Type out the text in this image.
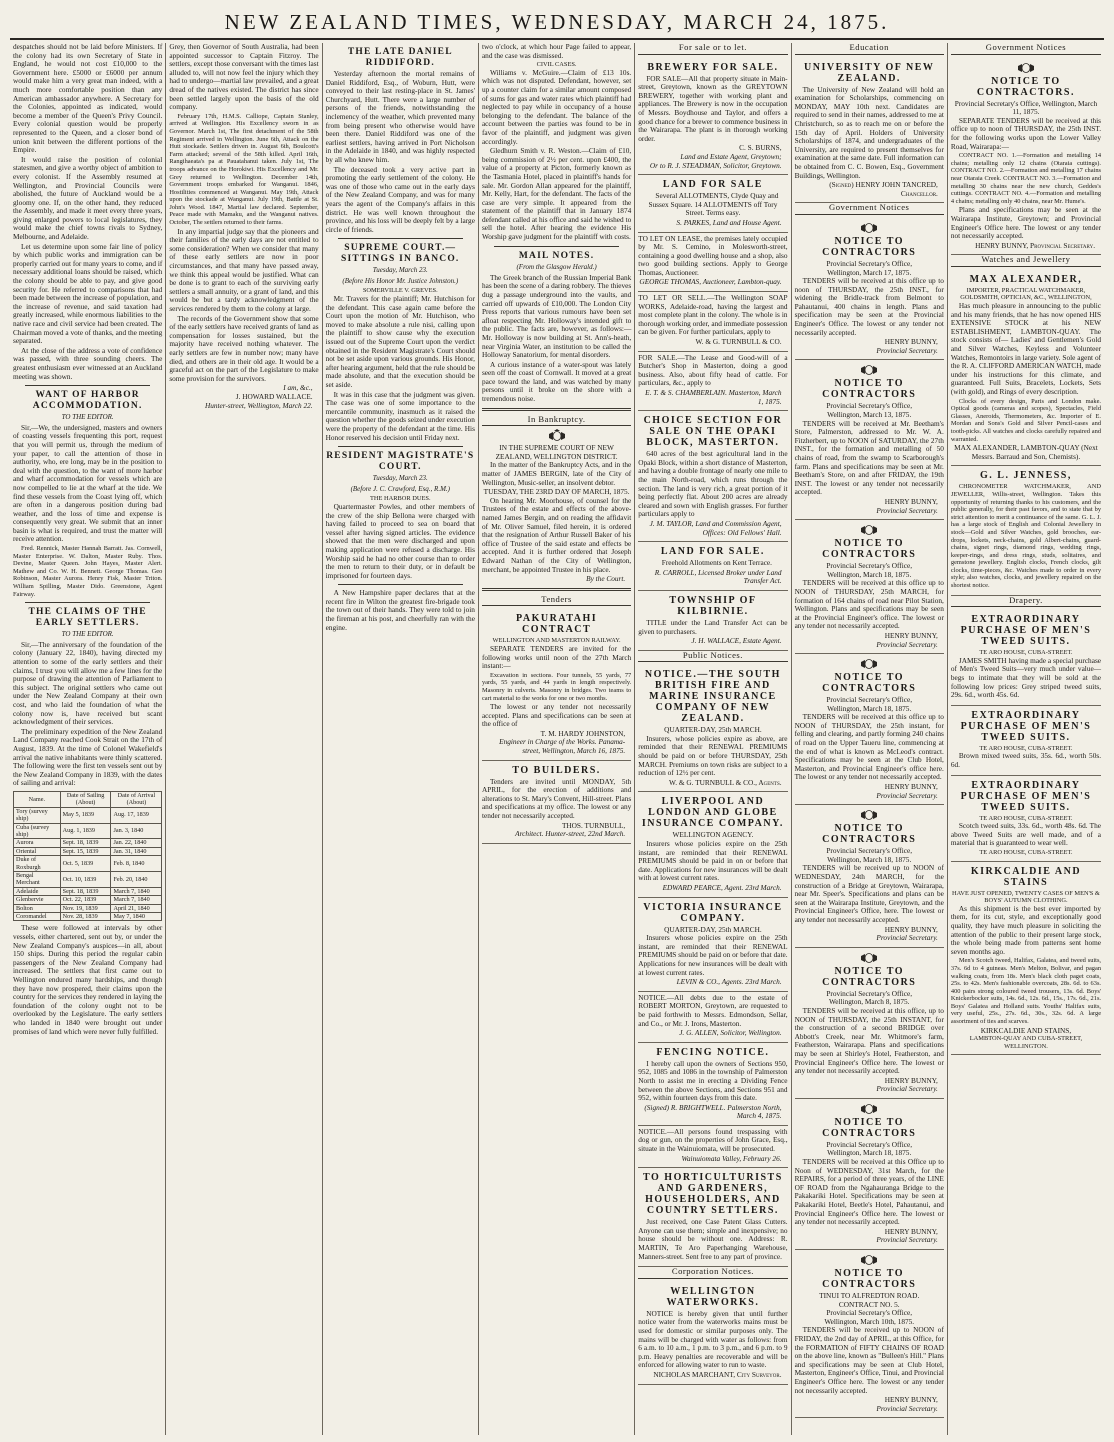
NEW ZEALAND TIMES, WEDNESDAY, MARCH 24, 1875.

despatches should not be laid before Ministers. If the colony had its own Secretary of State in England, he would not cost £10,000 to the Government here. £5000 or £6000 per annum would make him a very great man indeed, with a much more comfortable position than any American ambassador anywhere. A Secretary for the Colonies, appointed as indicated, would become a member of the Queen's Privy Council. Every colonial question would be properly represented to the Queen, and a closer bond of union knit between the different portions of the Empire.

It would raise the position of colonial statesmen, and give a worthy object of ambition to every colonist. If the Assembly resumed at Wellington, and Provincial Councils were abolished, the future of Auckland would be a gloomy one. If, on the other hand, they reduced the Assembly, and made it meet every three years, giving enlarged powers to local legislatures, they would make the chief towns rivals to Sydney, Melbourne, and Adelaide.

Let us determine upon some fair line of policy by which public works and immigration can be properly carried out for many years to come, and if necessary additional loans should be raised, which the colony should be able to pay, and give good security for. He referred to comparisons that had been made between the increase of population, and the increase of revenue, and said taxation had greatly increased, while enormous liabilities to the native race and civil service had been created. The Chairman moved a vote of thanks, and the meeting separated.

At the close of the address a vote of confidence was passed, with three sounding cheers. The greatest enthusiasm ever witnessed at an Auckland meeting was shown.

WANT OF HARBOR ACCOMMODATION.
TO THE EDITOR.

Sir,—We, the undersigned, masters and owners of coasting vessels frequenting this port, request that you will permit us, through the medium of your paper, to call the attention of those in authority, who, ere long, may be in the position to deal with the question, to the want of more harbor and wharf accommodation for vessels which are now compelled to lie at the wharf at the tide. We find these vessels from the Coast lying off, which are often in a dangerous position during bad weather, and the loss of time and expense is consequently very great. We submit that an inner basin is what is required, and trust the matter will receive attention.

Fred. Rennick, Master Hannah Barratt. Jas. Cornwell, Master Enterprise. W. Dalton, Master Ruby. Thos. Devine, Master Queen. John Hayes, Master Alert. Mathew and Co. W. H. Bennett. George Thomas. Geo Robinson, Master Aurora. Henry Fisk, Master Triton. William Spilling, Master Dido. Greenstone, Agent Fairway.

THE CLAIMS OF THE EARLY SETTLERS.
TO THE EDITOR.

Sir,—The anniversary of the foundation of the colony (January 22, 1840), having directed my attention to some of the early settlers and their claims, I trust you will allow me a few lines for the purpose of drawing the attention of Parliament to this subject. The original settlers who came out under the New Zealand Company at their own cost, and who laid the foundation of what the colony now is, have received but scant acknowledgment of their services.

The preliminary expedition of the New Zealand Land Company reached Cook Strait on the 17th of August, 1839. At the time of Colonel Wakefield's arrival the native inhabitants were thinly scattered. The following were the first ten vessels sent out by the New Zealand Company in 1839, with the dates of sailing and arrival:

Name.	Date of Sailing (About)	Date of Arrival (About)
Tory (survey ship)	May 5, 1839	Aug. 17, 1839
Cuba (survey ship)	Aug. 1, 1839	Jan. 3, 1840
Aurora	Sept. 18, 1839	Jan. 22, 1840
Oriental	Sept. 15, 1839	Jan. 31, 1840
Duke of Roxburgh	Oct. 5, 1839	Feb. 8, 1840
Bengal Merchant	Oct. 10, 1839	Feb. 20, 1840
Adelaide	Sept. 18, 1839	March 7, 1840
Glenbervie	Oct. 22, 1839	March 7, 1840
Bolton	Nov. 19, 1839	April 21, 1840
Coromandel	Nov. 28, 1839	May 7, 1840

These were followed at intervals by other vessels, either chartered, sent out by, or under the New Zealand Company's auspices—in all, about 150 ships. During this period the regular cabin passengers of the New Zealand Company had increased. The settlers that first came out to Wellington endured many hardships, and though they have now prospered, their claims upon the country for the services they rendered in laying the foundation of the colony ought not to be overlooked by the Legislature. The early settlers who landed in 1840 were brought out under promises of land which were never fully fulfilled.

Grey, then Governor of South Australia, had been appointed successor to Captain Fitzroy. The settlers, except those conversant with the times last alluded to, will not now feel the injury which they had to undergo—martial law prevailed, and a great dread of the natives existed. The district has since been settled largely upon the basis of the old company.

February 17th, H.M.S. Calliope, Captain Stanley, arrived at Wellington. His Excellency sworn in as Governor. March 1st, The first detachment of the 58th Regiment arrived in Wellington. June 6th, Attack on the Hutt stockade. Settlers driven in. August 6th, Boulcott's Farm attacked; several of the 58th killed. April 16th, Rangihaeata's pa at Pauatahanui taken. July 1st, The troops advance on the Horokiwi. His Excellency and Mr. Grey returned to Wellington. December 14th, Government troops embarked for Wanganui. 1846, Hostilities commenced at Wanganui. May 19th, Attack upon the stockade at Wanganui. July 19th, Battle at St. John's Wood. 1847, Martial law declared. September, Peace made with Mamaku, and the Wanganui natives. October, The settlers returned to their farms.

In any impartial judge say that the pioneers and their families of the early days are not entitled to some consideration? When we consider that many of these early settlers are now in poor circumstances, and that many have passed away, we think this appeal would be justified. What can be done is to grant to each of the surviving early settlers a small annuity, or a grant of land, and this would be but a tardy acknowledgment of the services rendered by them to the colony at large.

The records of the Government show that some of the early settlers have received grants of land as compensation for losses sustained, but the majority have received nothing whatever. The early settlers are few in number now; many have died, and others are in their old age. It would be a graceful act on the part of the Legislature to make some provision for the survivors.

I am, &c.,
J. HOWARD WALLACE.
Hunter-street, Wellington, March 22.
THE LATE DANIEL RIDDIFORD.

Yesterday afternoon the mortal remains of Daniel Riddiford, Esq., of Woburn, Hutt, were conveyed to their last resting-place in St. James' Churchyard, Hutt. There were a large number of persons of the friends, notwithstanding the inclemency of the weather, which prevented many from being present who otherwise would have been there. Daniel Riddiford was one of the earliest settlers, having arrived in Port Nicholson in the Adelaide in 1840, and was highly respected by all who knew him.

The deceased took a very active part in promoting the early settlement of the colony. He was one of those who came out in the early days of the New Zealand Company, and was for many years the agent of the Company's affairs in this district. He was well known throughout the province, and his loss will be deeply felt by a large circle of friends.

SUPREME COURT.—SITTINGS IN BANCO.
Tuesday, March 23.
(Before His Honor Mr. Justice Johnston.)
SOMERVILLE V. GREVES.

Mr. Travers for the plaintiff; Mr. Hutchison for the defendant. This case again came before the Court upon the motion of Mr. Hutchison, who moved to make absolute a rule nisi, calling upon the plaintiff to show cause why the execution issued out of the Supreme Court upon the verdict obtained in the Resident Magistrate's Court should not be set aside upon various grounds. His Honor, after hearing argument, held that the rule should be made absolute, and that the execution should be set aside.

It was in this case that the judgment was given. The case was one of some importance to the mercantile community, inasmuch as it raised the question whether the goods seized under execution were the property of the defendant at the time. His Honor reserved his decision until Friday next.

RESIDENT MAGISTRATE'S COURT.
Tuesday, March 23.
(Before J. C. Crawford, Esq., R.M.)
THE HARBOR DUES.

Quartermaster Powles, and other members of the crew of the ship Bellona were charged with having failed to proceed to sea on board that vessel after having signed articles. The evidence showed that the men were discharged and upon making application were refused a discharge. His Worship said he had no other course than to order the men to return to their duty, or in default be imprisoned for fourteen days.

A New Hampshire paper declares that at the recent fire in Wilton the greatest fire-brigade took the town out of their hands. They were told to join the fireman at his post, and cheerfully ran with the engine.

two o'clock, at which hour Page failed to appear, and the case was dismissed.

CIVIL CASES.

Williams v. McGuire.—Claim of £13 10s. which was not disputed. Defendant, however, set up a counter claim for a similar amount composed of sums for gas and water rates which plaintiff had neglected to pay while in occupancy of a house belonging to the defendant. The balance of the account between the parties was found to be in favor of the plaintiff, and judgment was given accordingly.

Gledhurn Smith v. R. Weston.—Claim of £10, being commission of 2½ per cent. upon £400, the value of a property at Picton, formerly known as the Tasmania Hotel, placed in plaintiff's hands for sale. Mr. Gordon Allan appeared for the plaintiff, Mr. Kelly, Hart, for the defendant. The facts of the case are very simple. It appeared from the statement of the plaintiff that in January 1874 defendant called at his office and said he wished to sell the hotel. After hearing the evidence His Worship gave judgment for the plaintiff with costs.

MAIL NOTES.
(From the Glasgow Herald.)

The Greek branch of the Russian Imperial Bank has been the scene of a daring robbery. The thieves dug a passage underground into the vaults, and carried off upwards of £10,000. The London City Press reports that various rumours have been set afloat respecting Mr. Holloway's intended gift to the public. The facts are, however, as follows:—Mr. Holloway is now building at St. Ann's-heath, near Virginia Water, an institution to be called the Holloway Sanatorium, for mental disorders.

A curious instance of a water-spout was lately seen off the coast of Cornwall. It moved at a great pace toward the land, and was watched by many persons until it broke on the shore with a tremendous noise.

In Bankruptcy.
IN THE SUPREME COURT OF NEW ZEALAND, WELLINGTON DISTRICT.

In the matter of the Bankruptcy Acts, and in the matter of JAMES BERGIN, late of the City of Wellington, Music-seller, an insolvent debtor.

TUESDAY, THE 23RD DAY OF MARCH, 1875.

On hearing Mr. Moorhouse, of counsel for the Trustees of the estate and effects of the above-named James Bergin, and on reading the affidavit of Mr. Oliver Samuel, filed herein, it is ordered that the resignation of Arthur Russell Baker of his office of Trustee of the said estate and effects be accepted. And it is further ordered that Joseph Edward Nathan of the City of Wellington, merchant, be appointed Trustee in his place.

By the Court.
Tenders
PAKURATAHI CONTRACT
WELLINGTON AND MASTERTON RAILWAY.

SEPARATE TENDERS are invited for the following works until noon of the 27th March instant:—

Excavation in sections. Four tunnels, 55 yards, 77 yards, 55 yards, and 44 yards in length respectively. Masonry in culverts. Masonry in bridges. Two teams to cart material to the works for one or two months.

The lowest or any tender not necessarily accepted. Plans and specifications can be seen at the office of

T. M. HARDY JOHNSTON,
Engineer in Charge of the Works. Panama-street, Wellington, March 16, 1875.
TO BUILDERS.

Tenders are invited until MONDAY, 5th APRIL, for the erection of additions and alterations to St. Mary's Convent, Hill-street. Plans and specifications at my office. The lowest or any tender not necessarily accepted.

THOS. TURNBULL,
Architect. Hunter-street, 22nd March.
For sale or to let.
BREWERY FOR SALE.

FOR SALE—All that property situate in Main-street, Greytown, known as the GREYTOWN BREWERY, together with working plant and appliances. The Brewery is now in the occupation of Messrs. Boydhouse and Taylor, and offers a good chance for a brewer to commence business in the Wairarapa. The plant is in thorough working order.

C. S. BURNS,
Land and Estate Agent, Greytown;
Or to R. J. STEADMAN, Solicitor, Greytown.
LAND FOR SALE

Several ALLOTMENTS, Clyde Quay and Sussex Square. 14 ALLOTMENTS off Tory Street. Terms easy.

S. PARKES, Land and House Agent.

TO LET ON LEASE, the premises lately occupied by Mr. S. Cemino, in Molesworth-street, containing a good dwelling house and a shop, also two good building sections. Apply to George Thomas, Auctioneer.

GEORGE THOMAS, Auctioneer, Lambton-quay.

TO LET OR SELL.—The Wellington SOAP WORKS, Adelaide-road, having the largest and most complete plant in the colony. The whole is in thorough working order, and immediate possession can be given. For further particulars, apply to

W. & G. TURNBULL & CO.

FOR SALE.—The Lease and Good-will of a Butcher's Shop in Masterton, doing a good business. Also, about fifty head of cattle. For particulars, &c., apply to

E. T. & S. CHAMBERLAIN. Masterton, March 1, 1875.
CHOICE SECTION FOR SALE ON THE OPAKI BLOCK, MASTERTON.

640 acres of the best agricultural land in the Opaki Block, within a short distance of Masterton, and having a double frontage of nearly one mile to the main North-road, which runs through the section. The land is very rich, a great portion of it being perfectly flat. About 200 acres are already cleared and sown with English grasses. For further particulars apply to

J. M. TAYLOR, Land and Commission Agent, Offices: Old Fellows' Hall.
LAND FOR SALE.

Freehold Allotments on Kent Terrace.

R. CARROLL, Licensed Broker under Land Transfer Act.
TOWNSHIP OF KILBIRNIE.

TITLE under the Land Transfer Act can be given to purchasers.

J. H. WALLACE, Estate Agent.
Public Notices.
NOTICE.—THE SOUTH BRITISH FIRE AND MARINE INSURANCE COMPANY OF NEW ZEALAND.
QUARTER-DAY, 25th MARCH.

Insurers, whose policies expire as above, are reminded that their RENEWAL PREMIUMS should be paid on or before THURSDAY, 25th MARCH. Premiums on town risks are subject to a reduction of 12½ per cent.

W. & G. TURNBULL & CO., Agents.
LIVERPOOL AND LONDON AND GLOBE INSURANCE COMPANY.
WELLINGTON AGENCY.

Insurers whose policies expire on the 25th instant, are reminded that their RENEWAL PREMIUMS should be paid in on or before that date. Applications for new insurances will be dealt with at lowest current rates.

EDWARD PEARCE, Agent. 23rd March.
VICTORIA INSURANCE COMPANY.
QUARTER-DAY, 25th MARCH.

Insurers whose policies expire on the 25th instant, are reminded that their RENEWAL PREMIUMS should be paid on or before that date. Applications for new insurances will be dealt with at lowest current rates.

LEVIN & CO., Agents. 23rd March.

NOTICE.—All debts due to the estate of ROBERT MORTON, Greytown, are requested to be paid forthwith to Messrs. Edmondson, Sellar, and Co., or Mr. J. Irons, Masterton.

J. G. ALLEN, Solicitor, Wellington.
FENCING NOTICE.

I hereby call upon the owners of Sections 950, 952, 1085 and 1086 in the township of Palmerston North to assist me in erecting a Dividing Fence between the above Sections, and Sections 951 and 952, within fourteen days from this date.

(Signed) R. BRIGHTWELL. Palmerston North, March 4, 1875.

NOTICE.—All persons found trespassing with dog or gun, on the properties of John Grace, Esq., situate in the Wainuiomata, will be prosecuted.

Wainuiomata Valley, February 26.
TO HORTICULTURISTS AND GARDENERS, HOUSEHOLDERS, AND COUNTRY SETTLERS.

Just received, one Case Patent Glass Cutters. Anyone can use them; simple and inexpensive; no house should be without one. Address: R. MARTIN, Te Aro Paperhanging Warehouse, Manners-street. Sent free to any part of province.

Corporation Notices.
WELLINGTON WATERWORKS.

NOTICE is hereby given that until further notice water from the waterworks mains must be used for domestic or similar purposes only. The mains will be charged with water as follows: from 6 a.m. to 10 a.m., 1 p.m. to 3 p.m., and 6 p.m. to 9 p.m. Heavy penalties are recoverable and will be enforced for allowing water to run to waste.

NICHOLAS MARCHANT, City Surveyor.
Education
UNIVERSITY OF NEW ZEALAND.

The University of New Zealand will hold an examination for Scholarships, commencing on MONDAY, MAY 10th next. Candidates are required to send in their names, addressed to me at Christchurch, so as to reach me on or before the 15th day of April. Holders of University Scholarships of 1874, and undergraduates of the University, are required to present themselves for examination at the same date. Full information can be obtained from C. C. Bowen, Esq., Government Buildings, Wellington.

(Signed) HENRY JOHN TANCRED, Chancellor.
Government Notices
NOTICE TO CONTRACTORS
Provincial Secretary's Office,
Wellington, March 17, 1875.

TENDERS will be received at this office up to noon of THURSDAY, the 25th INST., for widening the Bridle-track from Belmont to Pahautanui, 400 chains in length. Plans and specification may be seen at the Provincial Engineer's Office. The lowest or any tender not necessarily accepted.

HENRY BUNNY,
Provincial Secretary.
NOTICE TO CONTRACTORS
Provincial Secretary's Office,
Wellington, March 13, 1875.

TENDERS will be received at Mr. Beetham's Store, Palmerston, addressed to Mr. W. A. Fitzherbert, up to NOON of SATURDAY, the 27th INST., for the formation and metalling of 50 chains of road, from the swamp to Scarborough's farm. Plans and specifications may be seen at Mr. Beetham's Store, on and after FRIDAY, the 19th INST. The lowest or any tender not necessarily accepted.

HENRY BUNNY,
Provincial Secretary.
NOTICE TO CONTRACTORS
Provincial Secretary's Office,
Wellington, March 18, 1875.

TENDERS will be received at this office up to NOON of THURSDAY, 25th MARCH, for formation of 164 chains of road near Pilot Station, Wellington. Plans and specifications may be seen at the Provincial Engineer's office. The lowest or any tender not necessarily accepted.

HENRY BUNNY,
Provincial Secretary.
NOTICE TO CONTRACTORS
Provincial Secretary's Office,
Wellington, March 18, 1875.

TENDERS will be received at this office up to NOON of THURSDAY, the 25th instant, for felling and clearing, and partly forming 240 chains of road on the Upper Taueru line, commencing at the end of what is known as McLeod's contract. Specifications may be seen at the Club Hotel, Masterton, and Provincial Engineer's office here. The lowest or any tender not necessarily accepted.

HENRY BUNNY,
Provincial Secretary.
NOTICE TO CONTRACTORS
Provincial Secretary's Office,
Wellington, March 18, 1875.

TENDERS will be received up to NOON of WEDNESDAY, 24th MARCH, for the construction of a Bridge at Greytown, Wairarapa, near Mr. Speer's. Specifications and plans can be seen at the Wairarapa Institute, Greytown, and the Provincial Engineer's Office, here. The lowest or any tender not necessarily accepted.

HENRY BUNNY,
Provincial Secretary.
NOTICE TO CONTRACTORS
Provincial Secretary's Office,
Wellington, March 8, 1875.

TENDERS will be received at this office, up to NOON of THURSDAY, the 25th INSTANT, for the construction of a second BRIDGE over Abbott's Creek, near Mr. Whitmore's farm, Featherston, Wairarapa. Plans and specifications may be seen at Shirley's Hotel, Featherston, and Provincial Engineer's Office here. The lowest or any tender not necessarily accepted.

HENRY BUNNY,
Provincial Secretary.
NOTICE TO CONTRACTORS
Provincial Secretary's Office,
Wellington, March 18, 1875.

TENDERS will be received at this Office up to Noon of WEDNESDAY, 31st March, for the REPAIRS, for a period of three years, of the LINE OF ROAD from the Ngahauranga Bridge to the Pakakariki Hotel. Specifications may be seen at Pakakariki Hotel, Beetle's Hotel, Pahautanui, and Provincial Engineer's Office here. The lowest or any tender not necessarily accepted.

HENRY BUNNY,
Provincial Secretary.
NOTICE TO CONTRACTORS
TINUI TO ALFREDTON ROAD.
CONTRACT NO. 5.
Provincial Secretary's Office,
Wellington, March 10th, 1875.

TENDERS will be received up to NOON of FRIDAY, the 2nd day of APRIL, at this Office, for the FORMATION of FIFTY CHAINS OF ROAD on the above line, known as "Bulleen's Hill." Plans and specifications may be seen at Club Hotel, Masterton, Engineer's Office, Tinui, and Provincial Engineer's Office here. The lowest or any tender not necessarily accepted.

HENRY BUNNY,
Provincial Secretary.
Government Notices
NOTICE TO CONTRACTORS.
Provincial Secretary's Office, Wellington, March 11, 1875.

SEPARATE TENDERS will be received at this office up to noon of THURSDAY, the 25th INST. for the following works upon the Lower Valley Road, Wairarapa:—

CONTRACT NO. 1.—Formation and metalling 14 chains; metalling only 12 chains (Otaraia cuttings). CONTRACT NO. 2.—Formation and metalling 17 chains near Otaraia Creek. CONTRACT NO. 3.—Formation and metalling 30 chains near the new church, Geddes's cuttings. CONTRACT NO. 4.—Formation and metalling 4 chains; metalling only 40 chains, near Mr. Hume's.

Plans and specifications may be seen at the Wairarapa Institute, Greytown; and Provincial Engineer's Office here. The lowest or any tender not necessarily accepted.

HENRY BUNNY, Provincial Secretary.
Watches and Jewellery
MAX ALEXANDER,
IMPORTER, PRACTICAL WATCHMAKER, GOLDSMITH, OPTICIAN, &C., WELLINGTON,

Has much pleasure in announcing to the public and his many friends, that he has now opened HIS EXTENSIVE STOCK at his NEW ESTABLISHMENT, LAMBTON-QUAY. The stock consists of— Ladies' and Gentlemen's Gold and Silver Watches, Keyless and Volunteer Watches, Remontoirs in large variety. Sole agent of the R. A. CLIFFORD AMERICAN WATCH, made under his instructions for this climate, and guaranteed. Full Suits, Bracelets, Lockets, Sets (with gold), and Rings of every description.

Clocks of every design, Paris and London make. Optical goods (cameras and scopes), Spectacles, Field Glasses, Aneroids, Thermometers, &c. Importer of E. Mordan and Sons's Gold and Silver Pencil-cases and tooth-picks. All watches and clocks carefully repaired and warranted.

MAX ALEXANDER, LAMBTON-QUAY (Next Messrs. Barraud and Son, Chemists).
G. L. JENNESS,

CHRONOMETER WATCHMAKER, AND JEWELLER, Willis-street, Wellington. Takes this opportunity of returning thanks to his customers, and the public generally, for their past favors, and to state that by strict attention to merit a continuance of the same. G. L. J. has a large stock of English and Colonial Jewellery in stock—Gold and Silver Watches, gold brooches, ear-drops, lockets, neck-chains, gold Albert-chains, guard-chains, signet rings, diamond rings, wedding rings, keeper-rings, and dress rings, studs, solitaires, and gemstone jewellery. English clocks, French clocks, gilt clocks, time-pieces, &c. Watches made to order in every style; also watches, clocks, and jewellery repaired on the shortest notice.

Drapery.
EXTRAORDINARY PURCHASE OF MEN'S TWEED SUITS.
TE ARO HOUSE, CUBA-STREET.

JAMES SMITH having made a special purchase of Men's Tweed Suits—very much under value—begs to intimate that they will be sold at the following low prices: Grey striped tweed suits, 29s. 6d., worth 45s. 6d.

EXTRAORDINARY PURCHASE OF MEN'S TWEED SUITS.
TE ARO HOUSE, CUBA-STREET.

Brown mixed tweed suits, 35s. 6d., worth 50s. 6d.

EXTRAORDINARY PURCHASE OF MEN'S TWEED SUITS.
TE ARO HOUSE, CUBA-STREET.

Scotch tweed suits, 33s. 6d., worth 48s. 6d. The above Tweed Suits are well made, and of a material that is guaranteed to wear well.

TE ARO HOUSE, CUBA-STREET.
KIRKCALDIE AND STAINS
HAVE JUST OPENED, TWENTY CASES OF MEN'S & BOYS' AUTUMN CLOTHING.

As this shipment is the best ever imported by them, for its cut, style, and exceptionally good quality, they have much pleasure in soliciting the attention of the public to their present large stock, the whole being made from patterns sent home seven months ago.

Men's Scotch tweed, Halifax, Galatea, and tweed suits, 37s. 6d to 4 guineas. Men's Melton, Bolivar, and pagan walking coats, from 18s. Men's black cloth paget coats, 25s. to 42s. Men's fashionable overcoats, 28s. 6d. to 63s. 400 pairs strong coloured tweed trousers, 13s. 6d. Boys' Knickerbocker suits, 14s. 6d., 12s. 6d., 15s., 17s. 6d., 21s. Boys' Galatea and Holland suits. Youths' Halifax suits, very useful, 25s., 27s. 6d., 30s., 32s. 6d. A large assortment of ties and scarves.

KIRKCALDIE AND STAINS,
LAMBTON-QUAY AND CUBA-STREET, WELLINGTON.
